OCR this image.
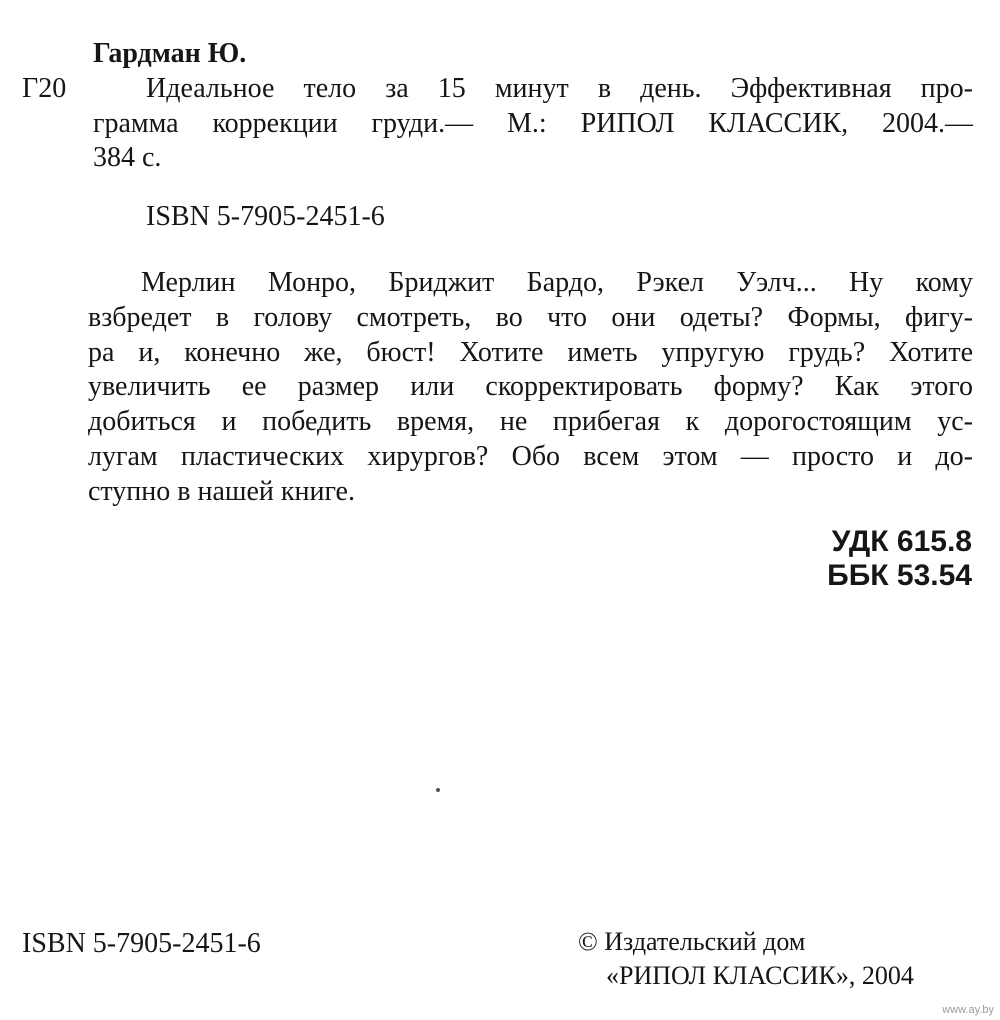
Гардман Ю.
Г20	Идеальное тело за 15 минут в день. Эффективная про-
грамма коррекции груди.— М.: РИПОЛ КЛАССИК, 2004.—
384 с.
ISBN 5-7905-2451-6
Мерлин Монро, Бриджит Бардо, Рэкел Уэлч... Ну кому
взбредет в голову смотреть, во что они одеты? Формы, фигу-
ра и, конечно же, бюст! Хотите иметь упругую грудь? Хотите
увеличить ее размер или скорректировать форму? Как этого
добиться и победить время, не прибегая к дорогостоящим ус-
лугам пластических хирургов? Обо всем этом — просто и до-
ступно в нашей книге.
УДК 615.8
ББК 53.54
ISBN 5-7905-2451-6	© Издательский дом
«РИПОЛ КЛАССИК», 2004
www.ay.by
